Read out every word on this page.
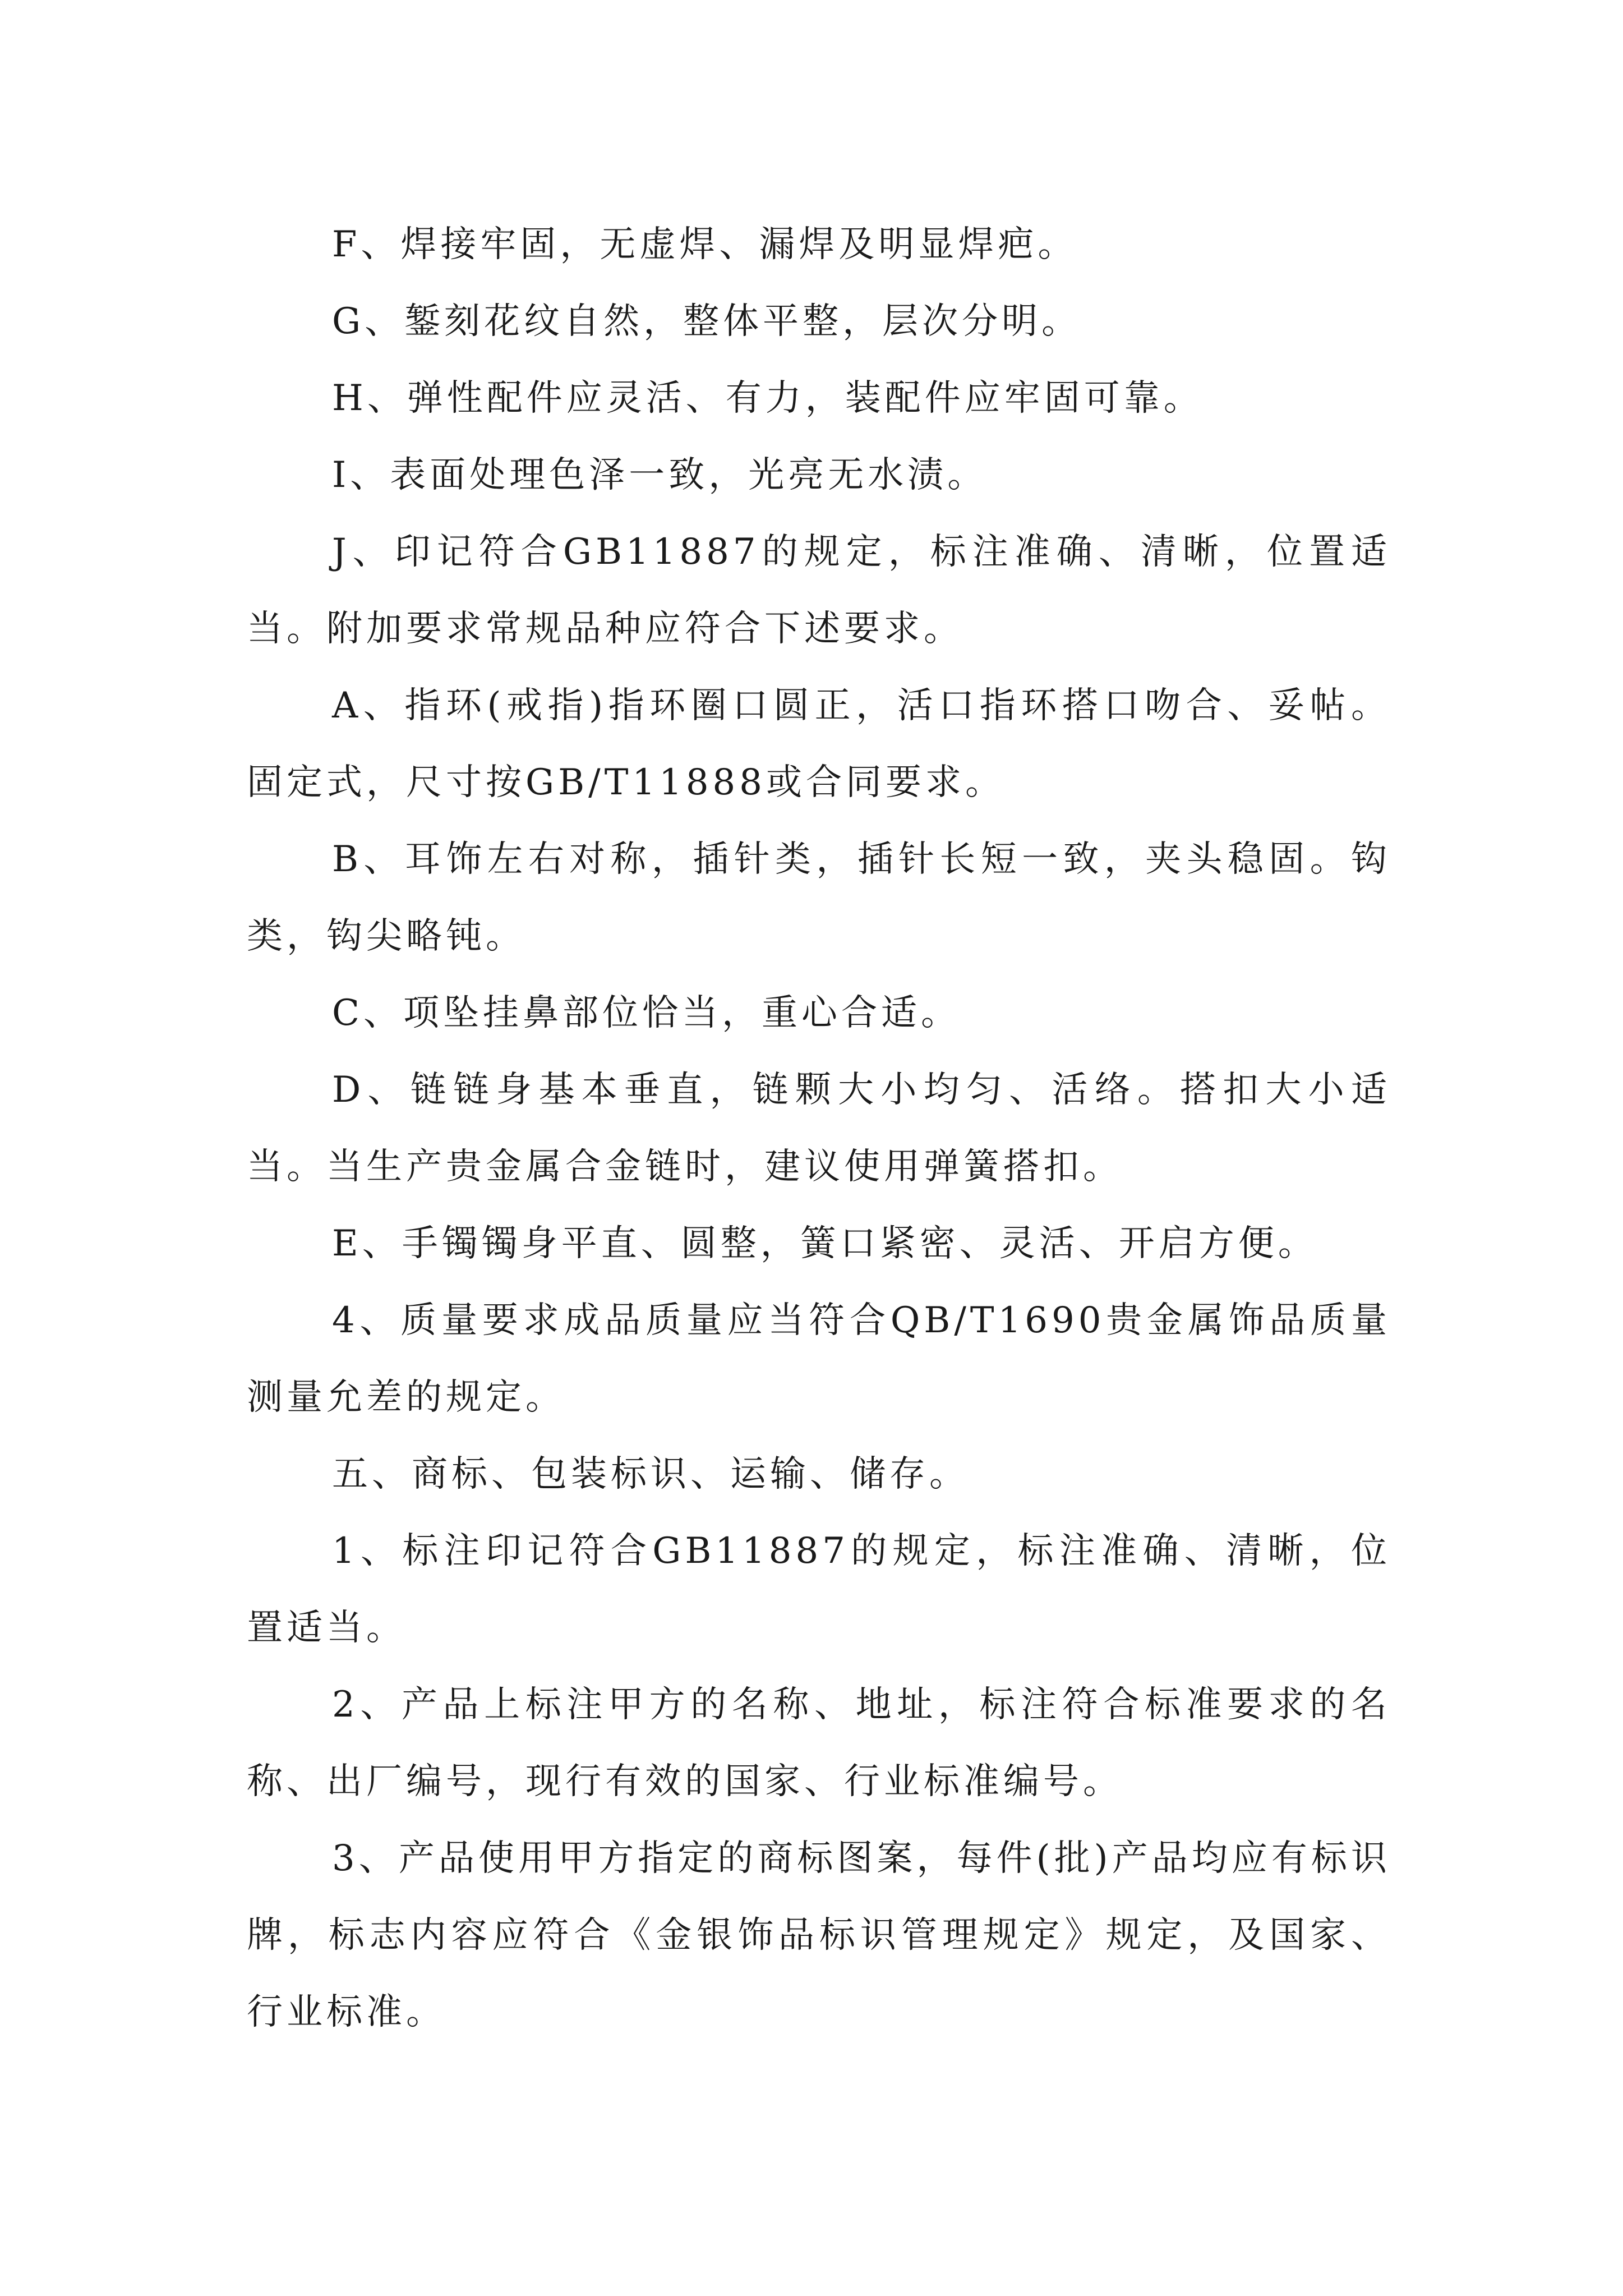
F、焊接牢固，无虚焊、漏焊及明显焊疤。

G、錾刻花纹自然，整体平整，层次分明。

H、弹性配件应灵活、有力，装配件应牢固可靠。

I、表面处理色泽一致，光亮无水渍。

J、印记符合GB11887的规定，标注准确、清晰，位置适当。附加要求常规品种应符合下述要求。

A、指环(戒指)指环圈口圆正，活口指环搭口吻合、妥帖。固定式，尺寸按GB/T11888或合同要求。

B、耳饰左右对称，插针类，插针长短一致，夹头稳固。钩类，钩尖略钝。

C、项坠挂鼻部位恰当，重心合适。

D、链链身基本垂直，链颗大小均匀、活络。搭扣大小适当。当生产贵金属合金链时，建议使用弹簧搭扣。

E、手镯镯身平直、圆整，簧口紧密、灵活、开启方便。

4、质量要求成品质量应当符合QB/T1690贵金属饰品质量测量允差的规定。

五、商标、包装标识、运输、储存。

1、标注印记符合GB11887的规定，标注准确、清晰，位置适当。

2、产品上标注甲方的名称、地址，标注符合标准要求的名称、出厂编号，现行有效的国家、行业标准编号。

3、产品使用甲方指定的商标图案，每件(批)产品均应有标识牌，标志内容应符合《金银饰品标识管理规定》规定，及国家、行业标准。
